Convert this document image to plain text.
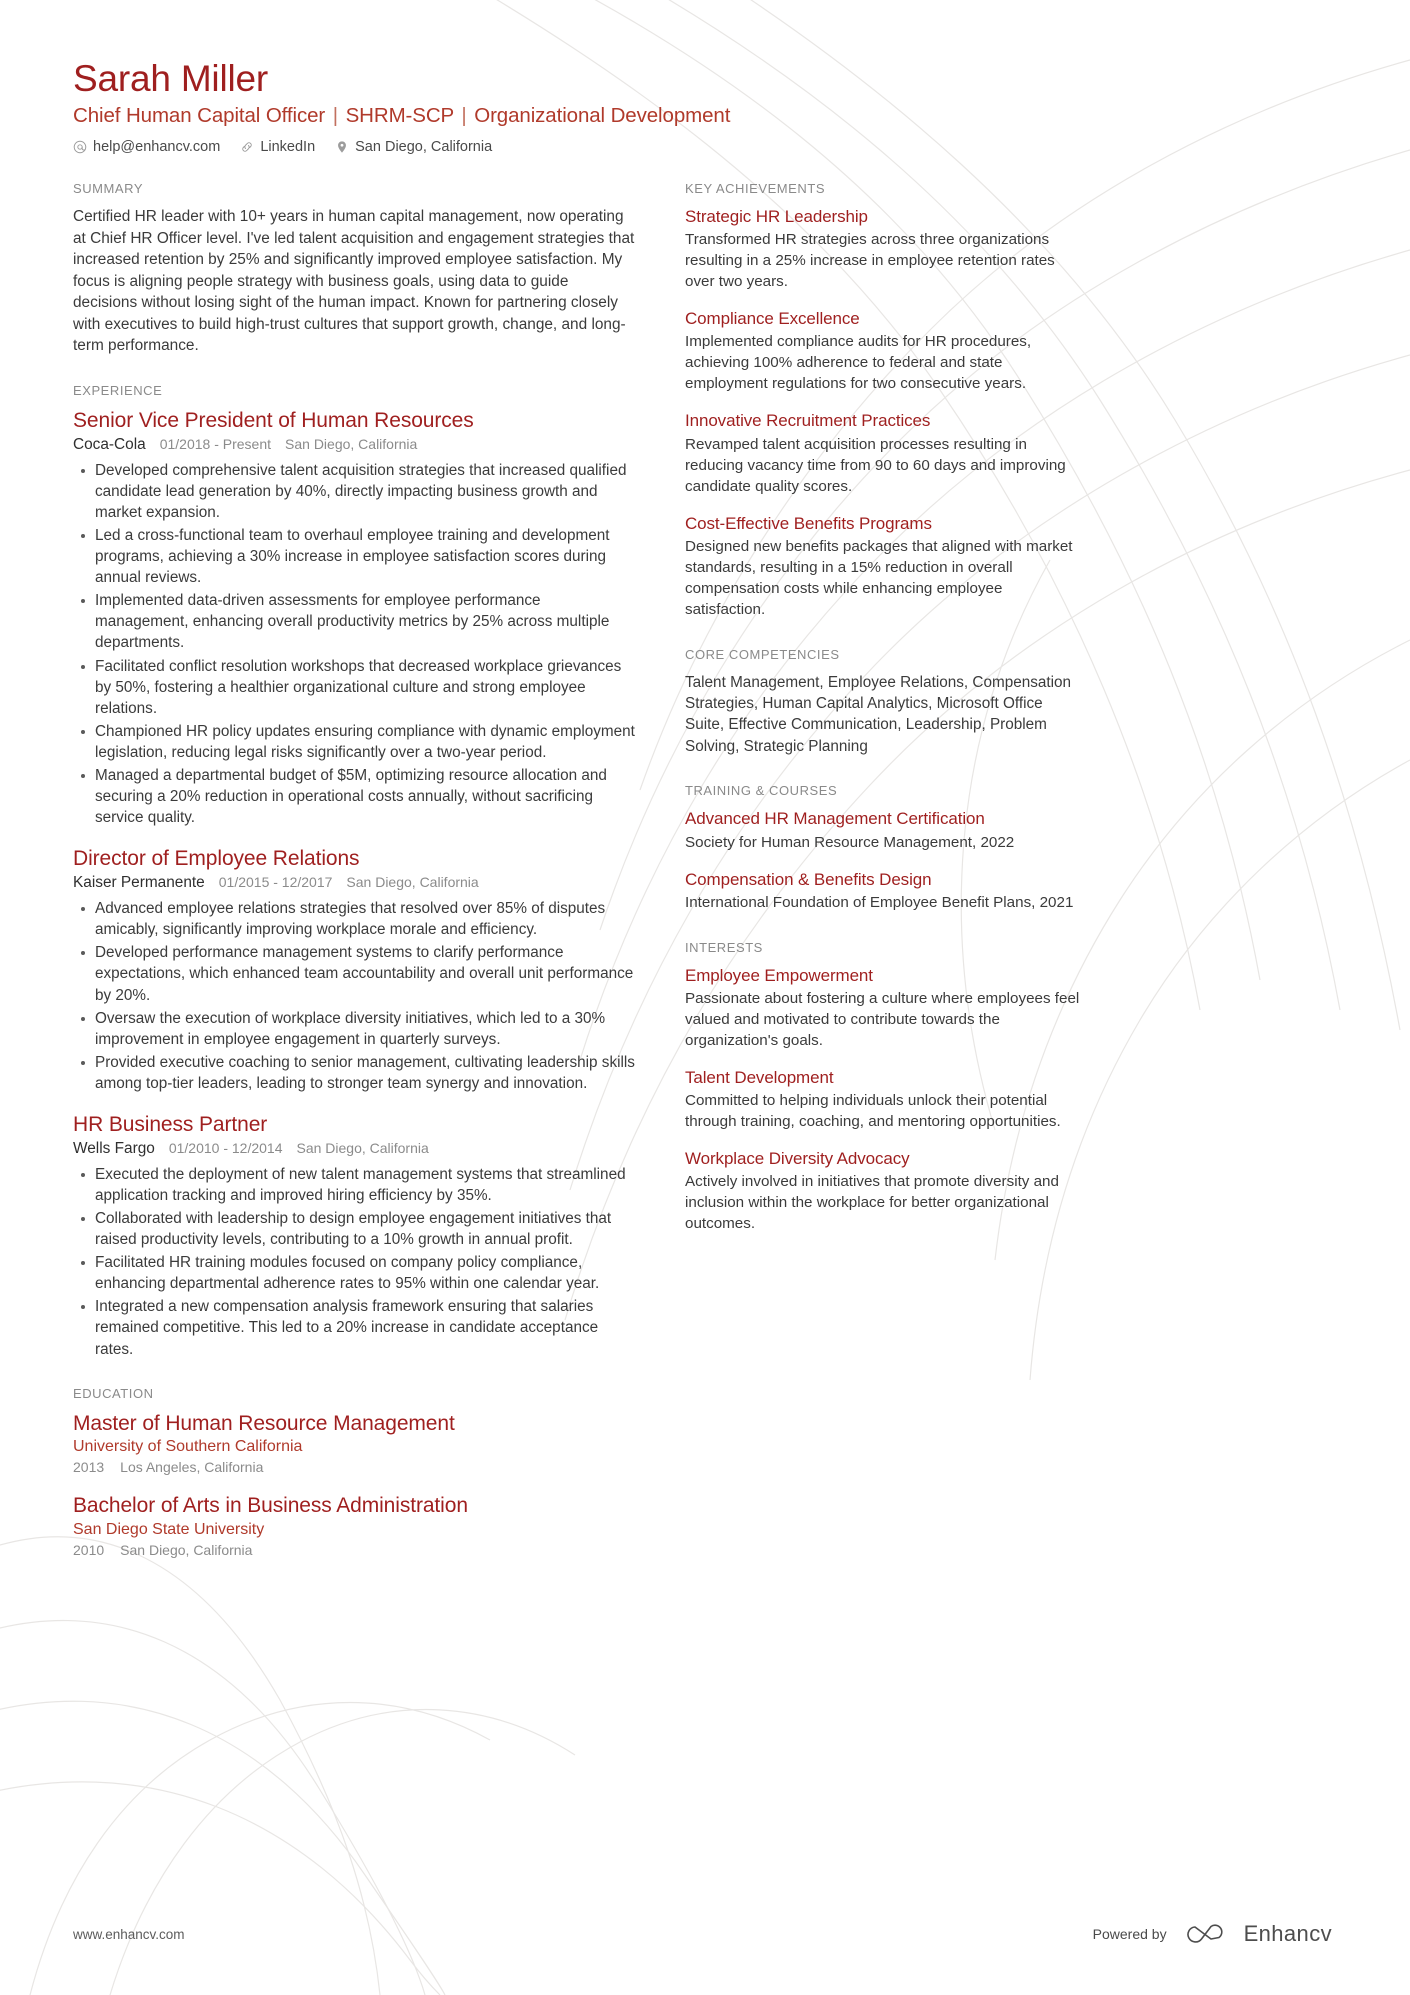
Sarah Miller
Chief Human Capital Officer | SHRM-SCP | Organizational Development
help@enhancv.com	LinkedIn	San Diego, California
SUMMARY

Certified HR leader with 10+ years in human capital management, now operating at Chief HR Officer level. I've led talent acquisition and engagement strategies that increased retention by 25% and significantly improved employee satisfaction. My focus is aligning people strategy with business goals, using data to guide decisions without losing sight of the human impact. Known for partnering closely with executives to build high-trust cultures that support growth, change, and long-term performance.

EXPERIENCE
Senior Vice President of Human Resources
Coca-Cola 01/2018 - Present San Diego, California
Developed comprehensive talent acquisition strategies that increased qualified candidate lead generation by 40%, directly impacting business growth and market expansion.
Led a cross-functional team to overhaul employee training and development programs, achieving a 30% increase in employee satisfaction scores during annual reviews.
Implemented data-driven assessments for employee performance management, enhancing overall productivity metrics by 25% across multiple departments.
Facilitated conflict resolution workshops that decreased workplace grievances by 50%, fostering a healthier organizational culture and strong employee relations.
Championed HR policy updates ensuring compliance with dynamic employment legislation, reducing legal risks significantly over a two-year period.
Managed a departmental budget of $5M, optimizing resource allocation and securing a 20% reduction in operational costs annually, without sacrificing service quality.
Director of Employee Relations
Kaiser Permanente 01/2015 - 12/2017 San Diego, California
Advanced employee relations strategies that resolved over 85% of disputes amicably, significantly improving workplace morale and efficiency.
Developed performance management systems to clarify performance expectations, which enhanced team accountability and overall unit performance by 20%.
Oversaw the execution of workplace diversity initiatives, which led to a 30% improvement in employee engagement in quarterly surveys.
Provided executive coaching to senior management, cultivating leadership skills among top-tier leaders, leading to stronger team synergy and innovation.
HR Business Partner
Wells Fargo 01/2010 - 12/2014 San Diego, California
Executed the deployment of new talent management systems that streamlined application tracking and improved hiring efficiency by 35%.
Collaborated with leadership to design employee engagement initiatives that raised productivity levels, contributing to a 10% growth in annual profit.
Facilitated HR training modules focused on company policy compliance, enhancing departmental adherence rates to 95% within one calendar year.
Integrated a new compensation analysis framework ensuring that salaries remained competitive. This led to a 20% increase in candidate acceptance rates.
EDUCATION
Master of Human Resource Management
University of Southern California
2013 Los Angeles, California
Bachelor of Arts in Business Administration
San Diego State University
2010 San Diego, California
KEY ACHIEVEMENTS
Strategic HR Leadership

Transformed HR strategies across three organizations resulting in a 25% increase in employee retention rates over two years.

Compliance Excellence

Implemented compliance audits for HR procedures, achieving 100% adherence to federal and state employment regulations for two consecutive years.

Innovative Recruitment Practices

Revamped talent acquisition processes resulting in reducing vacancy time from 90 to 60 days and improving candidate quality scores.

Cost-Effective Benefits Programs

Designed new benefits packages that aligned with market standards, resulting in a 15% reduction in overall compensation costs while enhancing employee satisfaction.

CORE COMPETENCIES

Talent Management, Employee Relations, Compensation Strategies, Human Capital Analytics, Microsoft Office Suite, Effective Communication, Leadership, Problem Solving, Strategic Planning

TRAINING & COURSES
Advanced HR Management Certification

Society for Human Resource Management, 2022

Compensation & Benefits Design

International Foundation of Employee Benefit Plans, 2021

INTERESTS
Employee Empowerment

Passionate about fostering a culture where employees feel valued and motivated to contribute towards the organization's goals.

Talent Development

Committed to helping individuals unlock their potential through training, coaching, and mentoring opportunities.

Workplace Diversity Advocacy

Actively involved in initiatives that promote diversity and inclusion within the workplace for better organizational outcomes.

www.enhancv.com	Powered by	Enhancv
